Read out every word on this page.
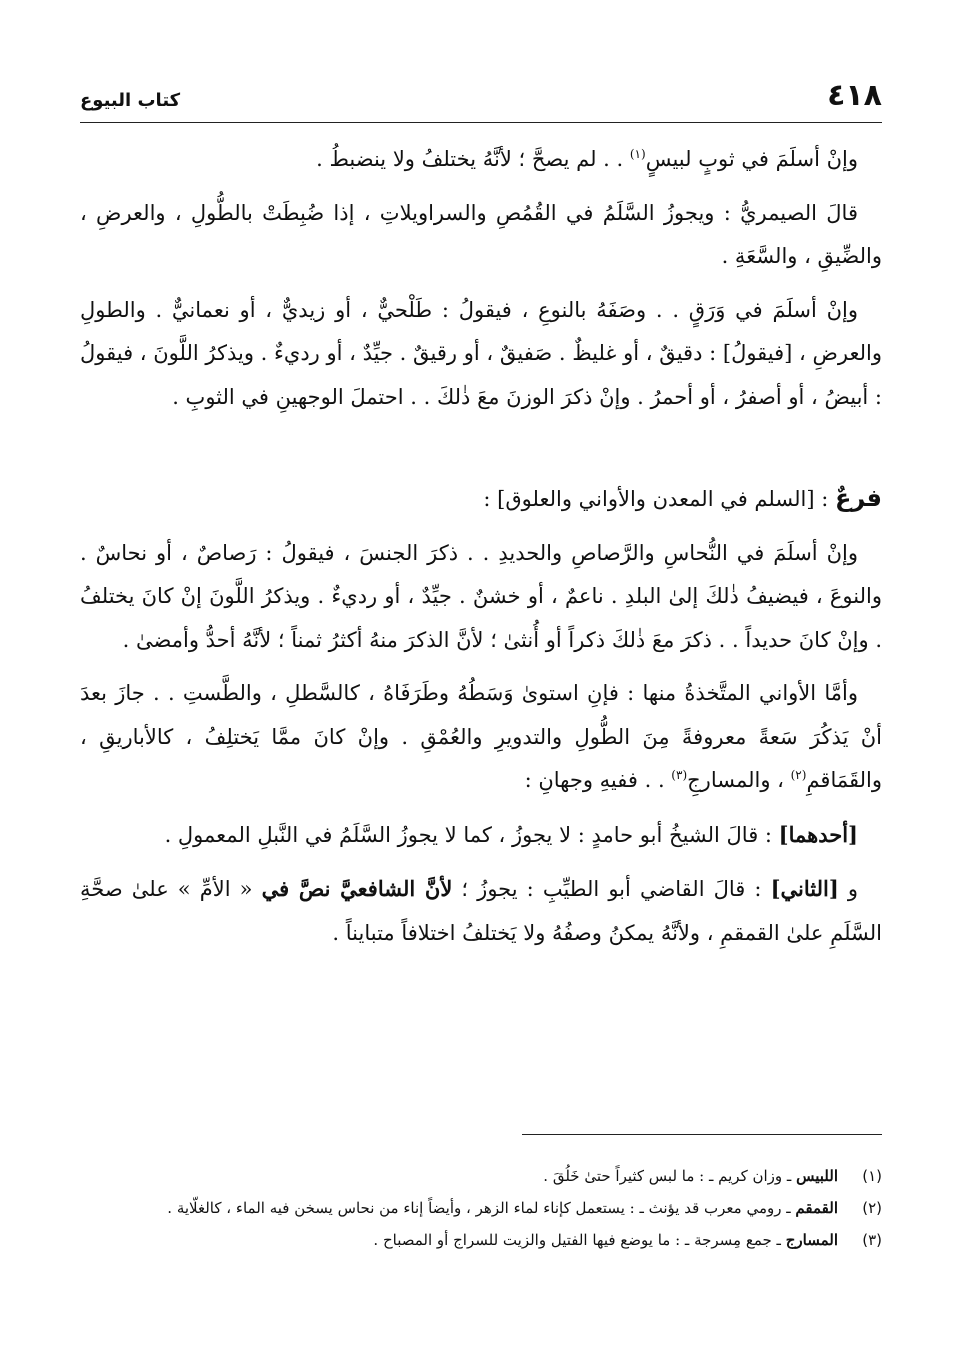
٤١٨
كتاب البيوع

وإنْ أسلَمَ في ثوبٍ لبيسٍ$^{(١)}$ . . لم يصحَّ ؛ لأنَّهُ يختلفُ ولا ينضبطُ .

قالَ الصيمريُّ : ويجوزُ السَّلَمُ في القُمُصِ والسراويلاتِ ، إذا ضُبِطَتْ بالطُّولِ ، والعرضِ ، والضِّيقِ ، والسَّعَةِ .

وإنْ أسلَمَ في وَرَقٍ . . وصَفَهُ بالنوعِ ، فيقولُ : طَلْحيٌّ ، أو زيديٌّ ، أو نعمانيٌّ . والطولِ والعرضِ ، [فيقولُ] : دقيقٌ ، أو غليظٌ . صَفيقٌ ، أو رقيقٌ . جيِّدٌ ، أو رديءٌ . ويذكرُ اللَّونَ ، فيقولُ : أبيضُ ، أو أصفرُ ، أو أحمرُ . وإنْ ذكرَ الوزنَ معَ ذٰلكَ . . احتملَ الوجهينِ في الثوبِ .

فرعٌ : [السلم في المعدن والأواني والعلوق] :

وإنْ أسلَمَ في النُّحاسِ والرَّصاصِ والحديدِ . . ذكرَ الجنسَ ، فيقولُ : رَصاصٌ ، أو نحاسٌ . والنوعَ ، فيضيفُ ذٰلكَ إلىٰ البلدِ . ناعمٌ ، أو خشنٌ . جيِّدٌ ، أو رديءٌ . ويذكرُ اللَّونَ إنْ كانَ يختلفُ . وإنْ كانَ حديداً . . ذكرَ معَ ذٰلكَ ذكراً أو أُنثىٰ ؛ لأنَّ الذكرَ منهُ أكثرُ ثمناً ؛ لأنَّهُ أحدُّ وأمضىٰ .

وأمَّا الأواني المتَّخذةُ منها : فإنِ استوىٰ وَسَطُهُ وطَرَفَاهُ ، كالسَّطلِ ، والطَّستِ . . جازَ بعدَ أنْ يَذكُرَ سَعةً معروفةً مِنَ الطُّولِ والتدويرِ والعُمْقِ . وإنْ كانَ ممَّا يَختلِفُ ، كالأباريقِ ، والقَمَاقمِ$^{(٢)}$ ، والمسارجِ$^{(٣)}$ . . ففيهِ وجهانِ :

[أحدهما] : قالَ الشيخُ أبو حامدٍ : لا يجوزُ ، كما لا يجوزُ السَّلَمُ في النَّبلِ المعمولِ .

و [الثاني] : قالَ القاضي أبو الطيِّبِ : يجوزُ ؛ لأنَّ الشافعيَّ نصَّ في « الأمِّ » علىٰ صحَّةِ السَّلَمِ علىٰ القمقمِ ، ولأنَّهُ يمكنُ وصفُهُ ولا يَختلفُ اختلافاً متبايناً .

(١)
اللبيس ـ وزان كريم ـ : ما لبس كثيراً حتىٰ خَلُقَ .
(٢)
القمقم ـ رومي معرب قد يؤنث ـ : يستعمل كإناء لماء الزهر ، وأيضاً إناء من نحاس يسخن فيه الماء ، كالغلّاية .
(٣)
المسارج ـ جمع مِسرجة ـ : ما يوضع فيها الفتيل والزيت للسراج أو المصباح .
